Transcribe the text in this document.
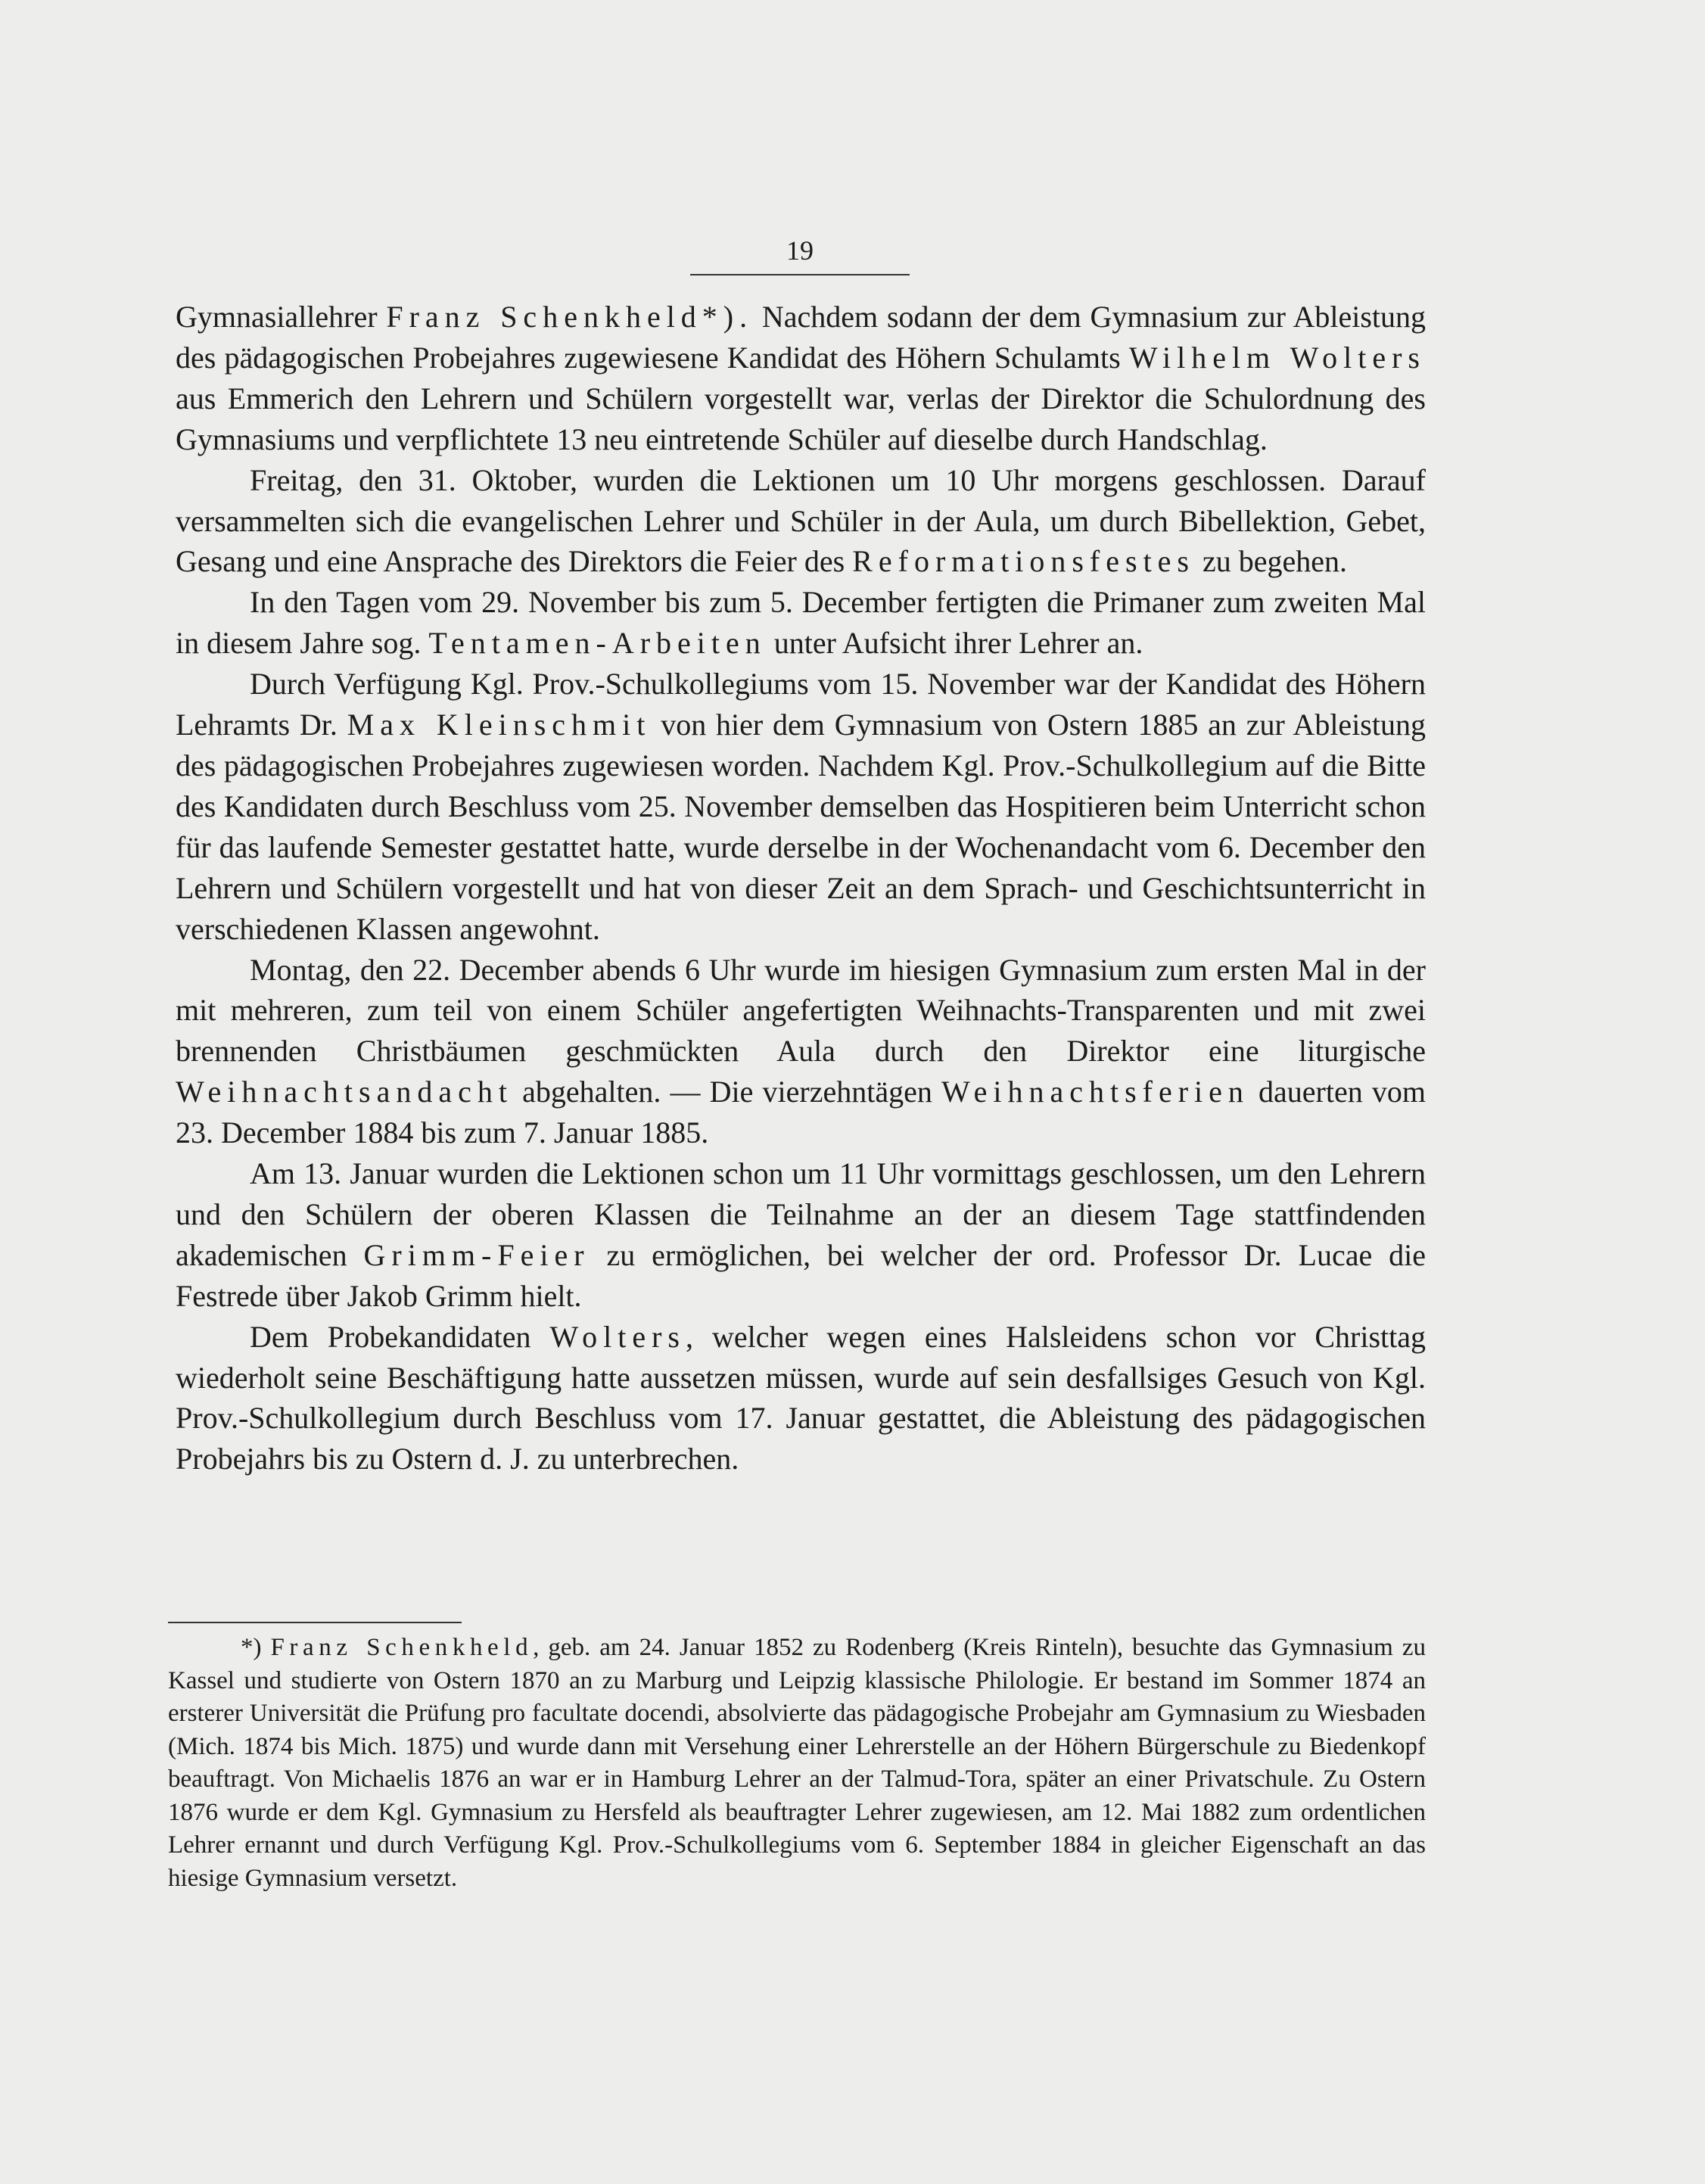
19

Gymnasiallehrer Franz Schenkheld*). Nachdem sodann der dem Gymnasium zur Ableistung des pädagogischen Probejahres zugewiesene Kandidat des Höhern Schulamts Wilhelm Wolters aus Emmerich den Lehrern und Schülern vorgestellt war, verlas der Direktor die Schulordnung des Gymnasiums und verpflichtete 13 neu eintretende Schüler auf dieselbe durch Handschlag.

Freitag, den 31. Oktober, wurden die Lektionen um 10 Uhr morgens geschlossen. Darauf versammelten sich die evangelischen Lehrer und Schüler in der Aula, um durch Bibellektion, Gebet, Gesang und eine Ansprache des Direktors die Feier des Reformationsfestes zu begehen.

In den Tagen vom 29. November bis zum 5. December fertigten die Primaner zum zweiten Mal in diesem Jahre sog. Tentamen-Arbeiten unter Aufsicht ihrer Lehrer an.

Durch Verfügung Kgl. Prov.-Schulkollegiums vom 15. November war der Kandidat des Höhern Lehramts Dr. Max Kleinschmit von hier dem Gymnasium von Ostern 1885 an zur Ableistung des pädagogischen Probejahres zugewiesen worden. Nachdem Kgl. Prov.-Schulkollegium auf die Bitte des Kandidaten durch Beschluss vom 25. November demselben das Hospitieren beim Unterricht schon für das laufende Semester gestattet hatte, wurde derselbe in der Wochenandacht vom 6. December den Lehrern und Schülern vorgestellt und hat von dieser Zeit an dem Sprach- und Geschichtsunterricht in verschiedenen Klassen angewohnt.

Montag, den 22. December abends 6 Uhr wurde im hiesigen Gymnasium zum ersten Mal in der mit mehreren, zum teil von einem Schüler angefertigten Weihnachts-Transparenten und mit zwei brennenden Christbäumen geschmückten Aula durch den Direktor eine liturgische Weihnachtsandacht abgehalten. — Die vierzehntägen Weihnachtsferien dauerten vom 23. December 1884 bis zum 7. Januar 1885.

Am 13. Januar wurden die Lektionen schon um 11 Uhr vormittags geschlossen, um den Lehrern und den Schülern der oberen Klassen die Teilnahme an der an diesem Tage stattfindenden akademischen Grimm-Feier zu ermöglichen, bei welcher der ord. Professor Dr. Lucae die Festrede über Jakob Grimm hielt.

Dem Probekandidaten Wolters, welcher wegen eines Halsleidens schon vor Christtag wiederholt seine Beschäftigung hatte aussetzen müssen, wurde auf sein desfallsiges Gesuch von Kgl. Prov.-Schulkollegium durch Beschluss vom 17. Januar gestattet, die Ableistung des pädagogischen Probejahrs bis zu Ostern d. J. zu unterbrechen.

*) Franz Schenkheld, geb. am 24. Januar 1852 zu Rodenberg (Kreis Rinteln), besuchte das Gymnasium zu Kassel und studierte von Ostern 1870 an zu Marburg und Leipzig klassische Philologie. Er bestand im Sommer 1874 an ersterer Universität die Prüfung pro facultate docendi, absolvierte das pädagogische Probejahr am Gymnasium zu Wiesbaden (Mich. 1874 bis Mich. 1875) und wurde dann mit Versehung einer Lehrerstelle an der Höhern Bürgerschule zu Biedenkopf beauftragt. Von Michaelis 1876 an war er in Hamburg Lehrer an der Talmud-Tora, später an einer Privatschule. Zu Ostern 1876 wurde er dem Kgl. Gymnasium zu Hersfeld als beauftragter Lehrer zugewiesen, am 12. Mai 1882 zum ordentlichen Lehrer ernannt und durch Verfügung Kgl. Prov.-Schulkollegiums vom 6. September 1884 in gleicher Eigenschaft an das hiesige Gymnasium versetzt.
